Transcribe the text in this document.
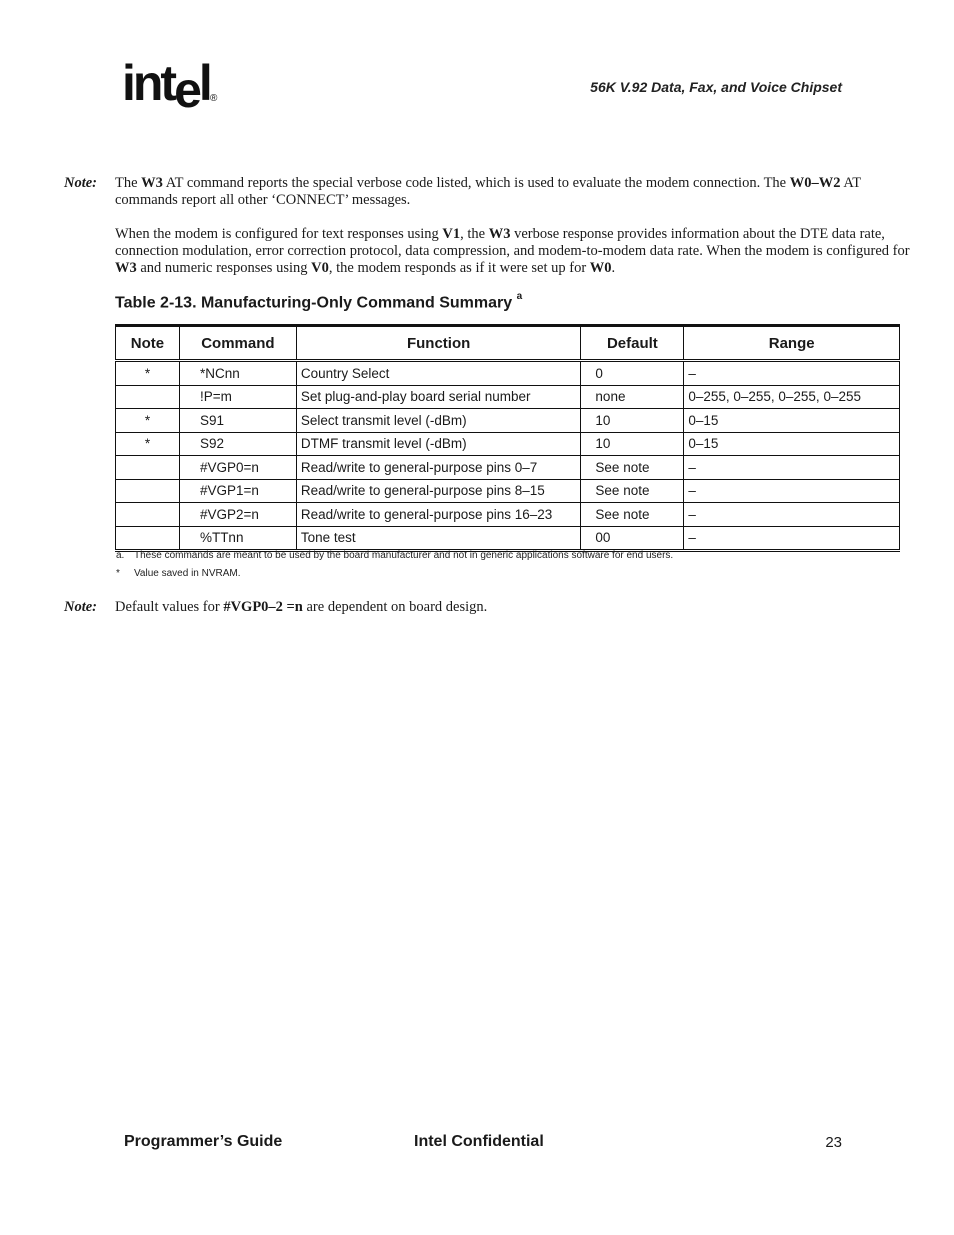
intel ®
56K V.92 Data, Fax, and Voice Chipset
Note: The W3 AT command reports the special verbose code listed, which is used to evaluate the modem connection. The W0–W2 AT commands report all other ‘CONNECT’ messages.

When the modem is configured for text responses using V1, the W3 verbose response provides information about the DTE data rate, connection modulation, error correction protocol, data compression, and modem-to-modem data rate. When the modem is configured for W3 and numeric responses using V0, the modem responds as if it were set up for W0.

Table 2-13. Manufacturing-Only Command Summary $^a$
Note	Command	Function	Default	Range
*	*NCnn	Country Select	0	–
	!P=m	Set plug-and-play board serial number	none	0–255, 0–255, 0–255, 0–255
*	S91	Select transmit level (-dBm)	10	0–15
*	S92	DTMF transmit level (-dBm)	10	0–15
	#VGP0=n	Read/write to general-purpose pins 0–7	See note	–
	#VGP1=n	Read/write to general-purpose pins 8–15	See note	–
	#VGP2=n	Read/write to general-purpose pins 16–23	See note	–
	%TTnn	Tone test	00	–
a. These commands are meant to be used by the board manufacturer and not in generic applications software for end users.
* Value saved in NVRAM.
Note: Default values for #VGP0–2 =n are dependent on board design.
Programmer’s Guide	Intel Confidential	23
